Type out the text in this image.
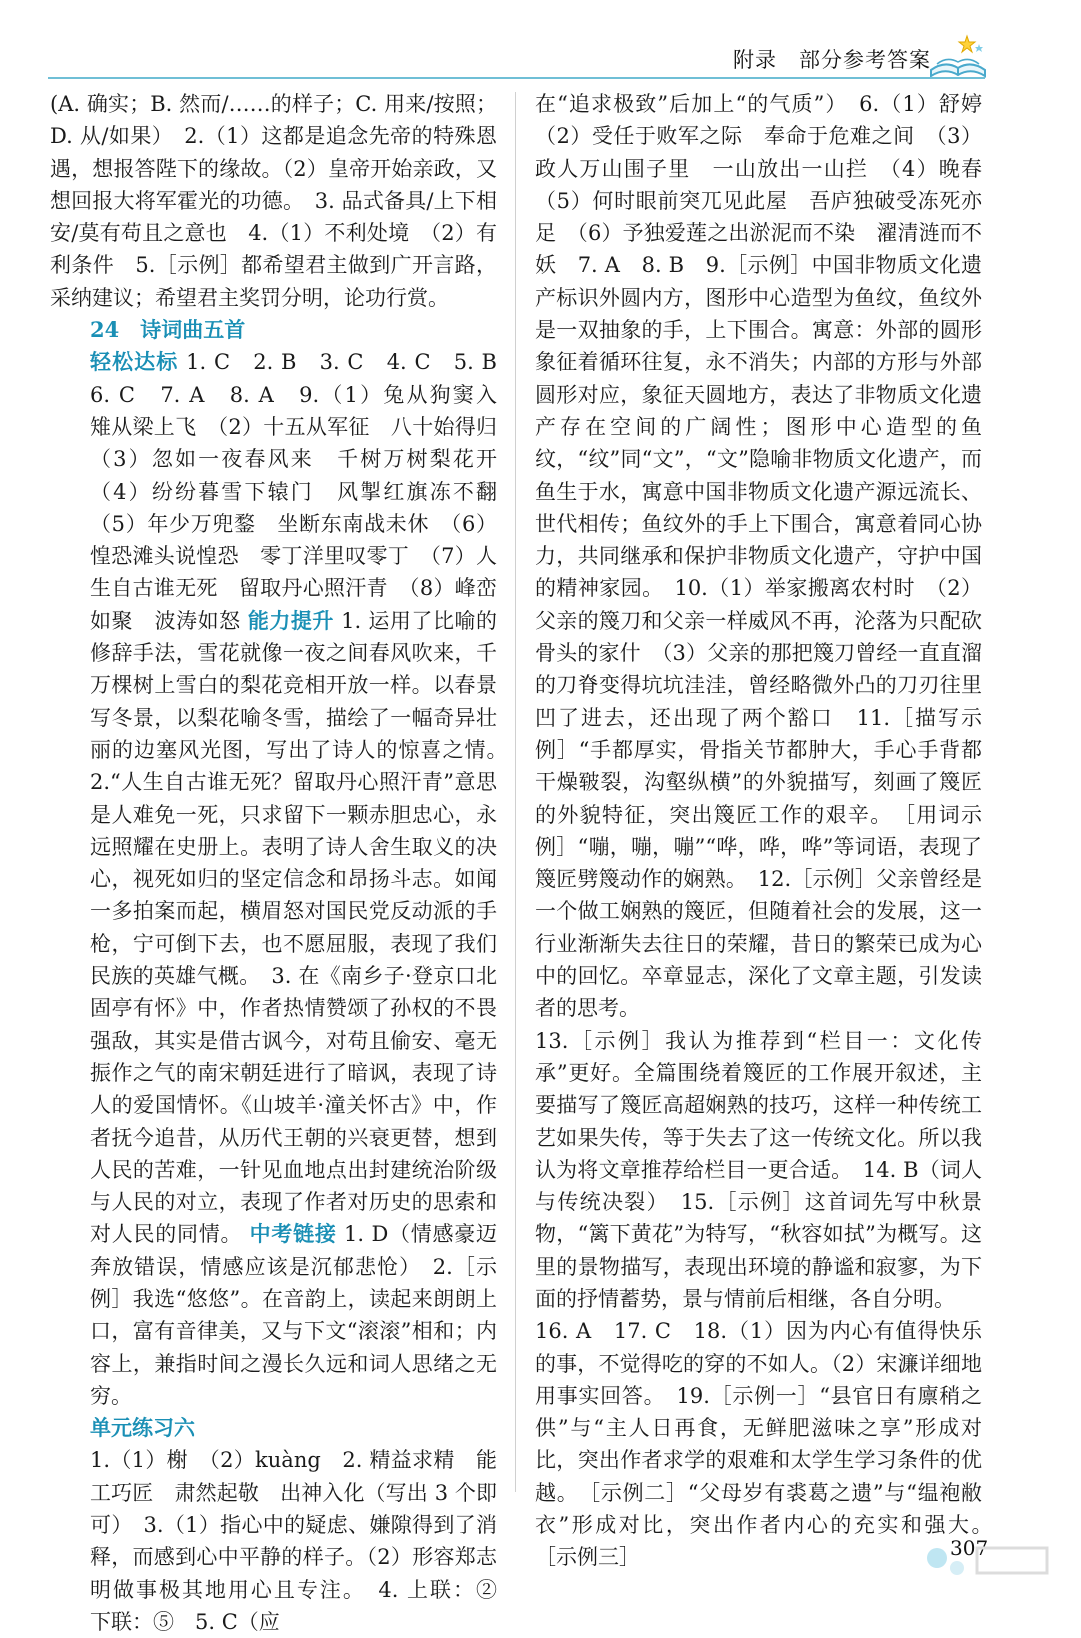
附录　部分参考答案

(A. 确实；B. 然而/……的样子；C. 用来/按照；D. 从/如果）　2.（1）这都是追念先帝的特殊恩遇，想报答陛下的缘故。（2）皇帝开始亲政，又想回报大将军霍光的功德。　3. 品式备具/上下相安/莫有苟且之意也　4.（1）不利处境　（2）有利条件　5.［示例］都希望君主做到广开言路，采纳建议；希望君主奖罚分明，论功行赏。

24　诗词曲五首

轻松达标 1. C　2. B　3. C　4. C　5. B　6. C　7. A　8. A　9.（1）兔从狗窦入　雉从梁上飞　（2）十五从军征　八十始得归　（3）忽如一夜春风来　千树万树梨花开　（4）纷纷暮雪下辕门　风掣红旗冻不翻　（5）年少万兜鍪　坐断东南战未休　（6）惶恐滩头说惶恐　零丁洋里叹零丁　（7）人生自古谁无死　留取丹心照汗青　（8）峰峦如聚　波涛如怒 能力提升 1. 运用了比喻的修辞手法，雪花就像一夜之间春风吹来，千万棵树上雪白的梨花竞相开放一样。以春景写冬景，以梨花喻冬雪，描绘了一幅奇异壮丽的边塞风光图，写出了诗人的惊喜之情。　2.“人生自古谁无死？留取丹心照汗青”意思是人难免一死，只求留下一颗赤胆忠心，永远照耀在史册上。表明了诗人舍生取义的决心，视死如归的坚定信念和昂扬斗志。如闻一多拍案而起，横眉怒对国民党反动派的手枪，宁可倒下去，也不愿屈服，表现了我们民族的英雄气概。　3. 在《南乡子·登京口北固亭有怀》中，作者热情赞颂了孙权的不畏强敌，其实是借古讽今，对苟且偷安、毫无振作之气的南宋朝廷进行了暗讽，表现了诗人的爱国情怀。《山坡羊·潼关怀古》中，作者抚今追昔，从历代王朝的兴衰更替，想到人民的苦难，一针见血地点出封建统治阶级与人民的对立，表现了作者对历史的思索和对人民的同情。 中考链接 1. D（情感豪迈奔放错误，情感应该是沉郁悲怆）　2.［示例］我选“悠悠”。在音韵上，读起来朗朗上口，富有音律美，又与下文“滚滚”相和；内容上，兼指时间之漫长久远和词人思绪之无穷。

单元练习六

1.（1）榭　（2）kuàng　2. 精益求精　能工巧匠　肃然起敬　出神入化（写出 3 个即可）　3.（1）指心中的疑虑、嫌隙得到了消释，而感到心中平静的样子。（2）形容郑志明做事极其地用心且专注。　4. 上联：②　下联：⑤　5. C（应

在“追求极致”后加上“的气质”）　6.（1）舒婷　（2）受任于败军之际　奉命于危难之间　（3）政人万山围子里　一山放出一山拦　（4）晚春　（5）何时眼前突兀见此屋　吾庐独破受冻死亦足　（6）予独爱莲之出淤泥而不染　濯清涟而不妖　7. A　8. B　9.［示例］中国非物质文化遗产标识外圆内方，图形中心造型为鱼纹，鱼纹外是一双抽象的手，上下围合。寓意：外部的圆形象征着循环往复，永不消失；内部的方形与外部圆形对应，象征天圆地方，表达了非物质文化遗产存在空间的广阔性；图形中心造型的鱼纹，“纹”同“文”，“文”隐喻非物质文化遗产，而鱼生于水，寓意中国非物质文化遗产源远流长、世代相传；鱼纹外的手上下围合，寓意着同心协力，共同继承和保护非物质文化遗产，守护中国的精神家园。　10.（1）举家搬离农村时　（2）父亲的篾刀和父亲一样威风不再，沦落为只配砍骨头的家什　（3）父亲的那把篾刀曾经一直直溜的刀脊变得坑坑洼洼，曾经略微外凸的刀刃往里凹了进去，还出现了两个豁口　11.［描写示例］“手都厚实，骨指关节都肿大，手心手背都干燥皲裂，沟壑纵横”的外貌描写，刻画了篾匠的外貌特征，突出篾匠工作的艰辛。　［用词示例］“嘣，嘣，嘣”“哗，哗，哗”等词语，表现了篾匠劈篾动作的娴熟。　12.［示例］父亲曾经是一个做工娴熟的篾匠，但随着社会的发展，这一行业渐渐失去往日的荣耀，昔日的繁荣已成为心中的回忆。卒章显志，深化了文章主题，引发读者的思考。

13.［示例］我认为推荐到“栏目一：文化传承”更好。全篇围绕着篾匠的工作展开叙述，主要描写了篾匠高超娴熟的技巧，这样一种传统工艺如果失传，等于失去了这一传统文化。所以我认为将文章推荐给栏目一更合适。　14. B（词人与传统决裂）　15.［示例］这首词先写中秋景物，“篱下黄花”为特写，“秋容如拭”为概写。这里的景物描写，表现出环境的静谧和寂寥，为下面的抒情蓄势，景与情前后相继，各自分明。

16. A　17. C　18.（1）因为内心有值得快乐的事，不觉得吃的穿的不如人。（2）宋濂详细地用事实回答。　19.［示例一］“县官日有廪稍之供”与“主人日再食，无鲜肥滋味之享”形成对比，突出作者求学的艰难和太学生学习条件的优越。　［示例二］“父母岁有裘葛之遗”与“缊袍敝衣”形成对比，突出作者内心的充实和强大。　［示例三］	307
